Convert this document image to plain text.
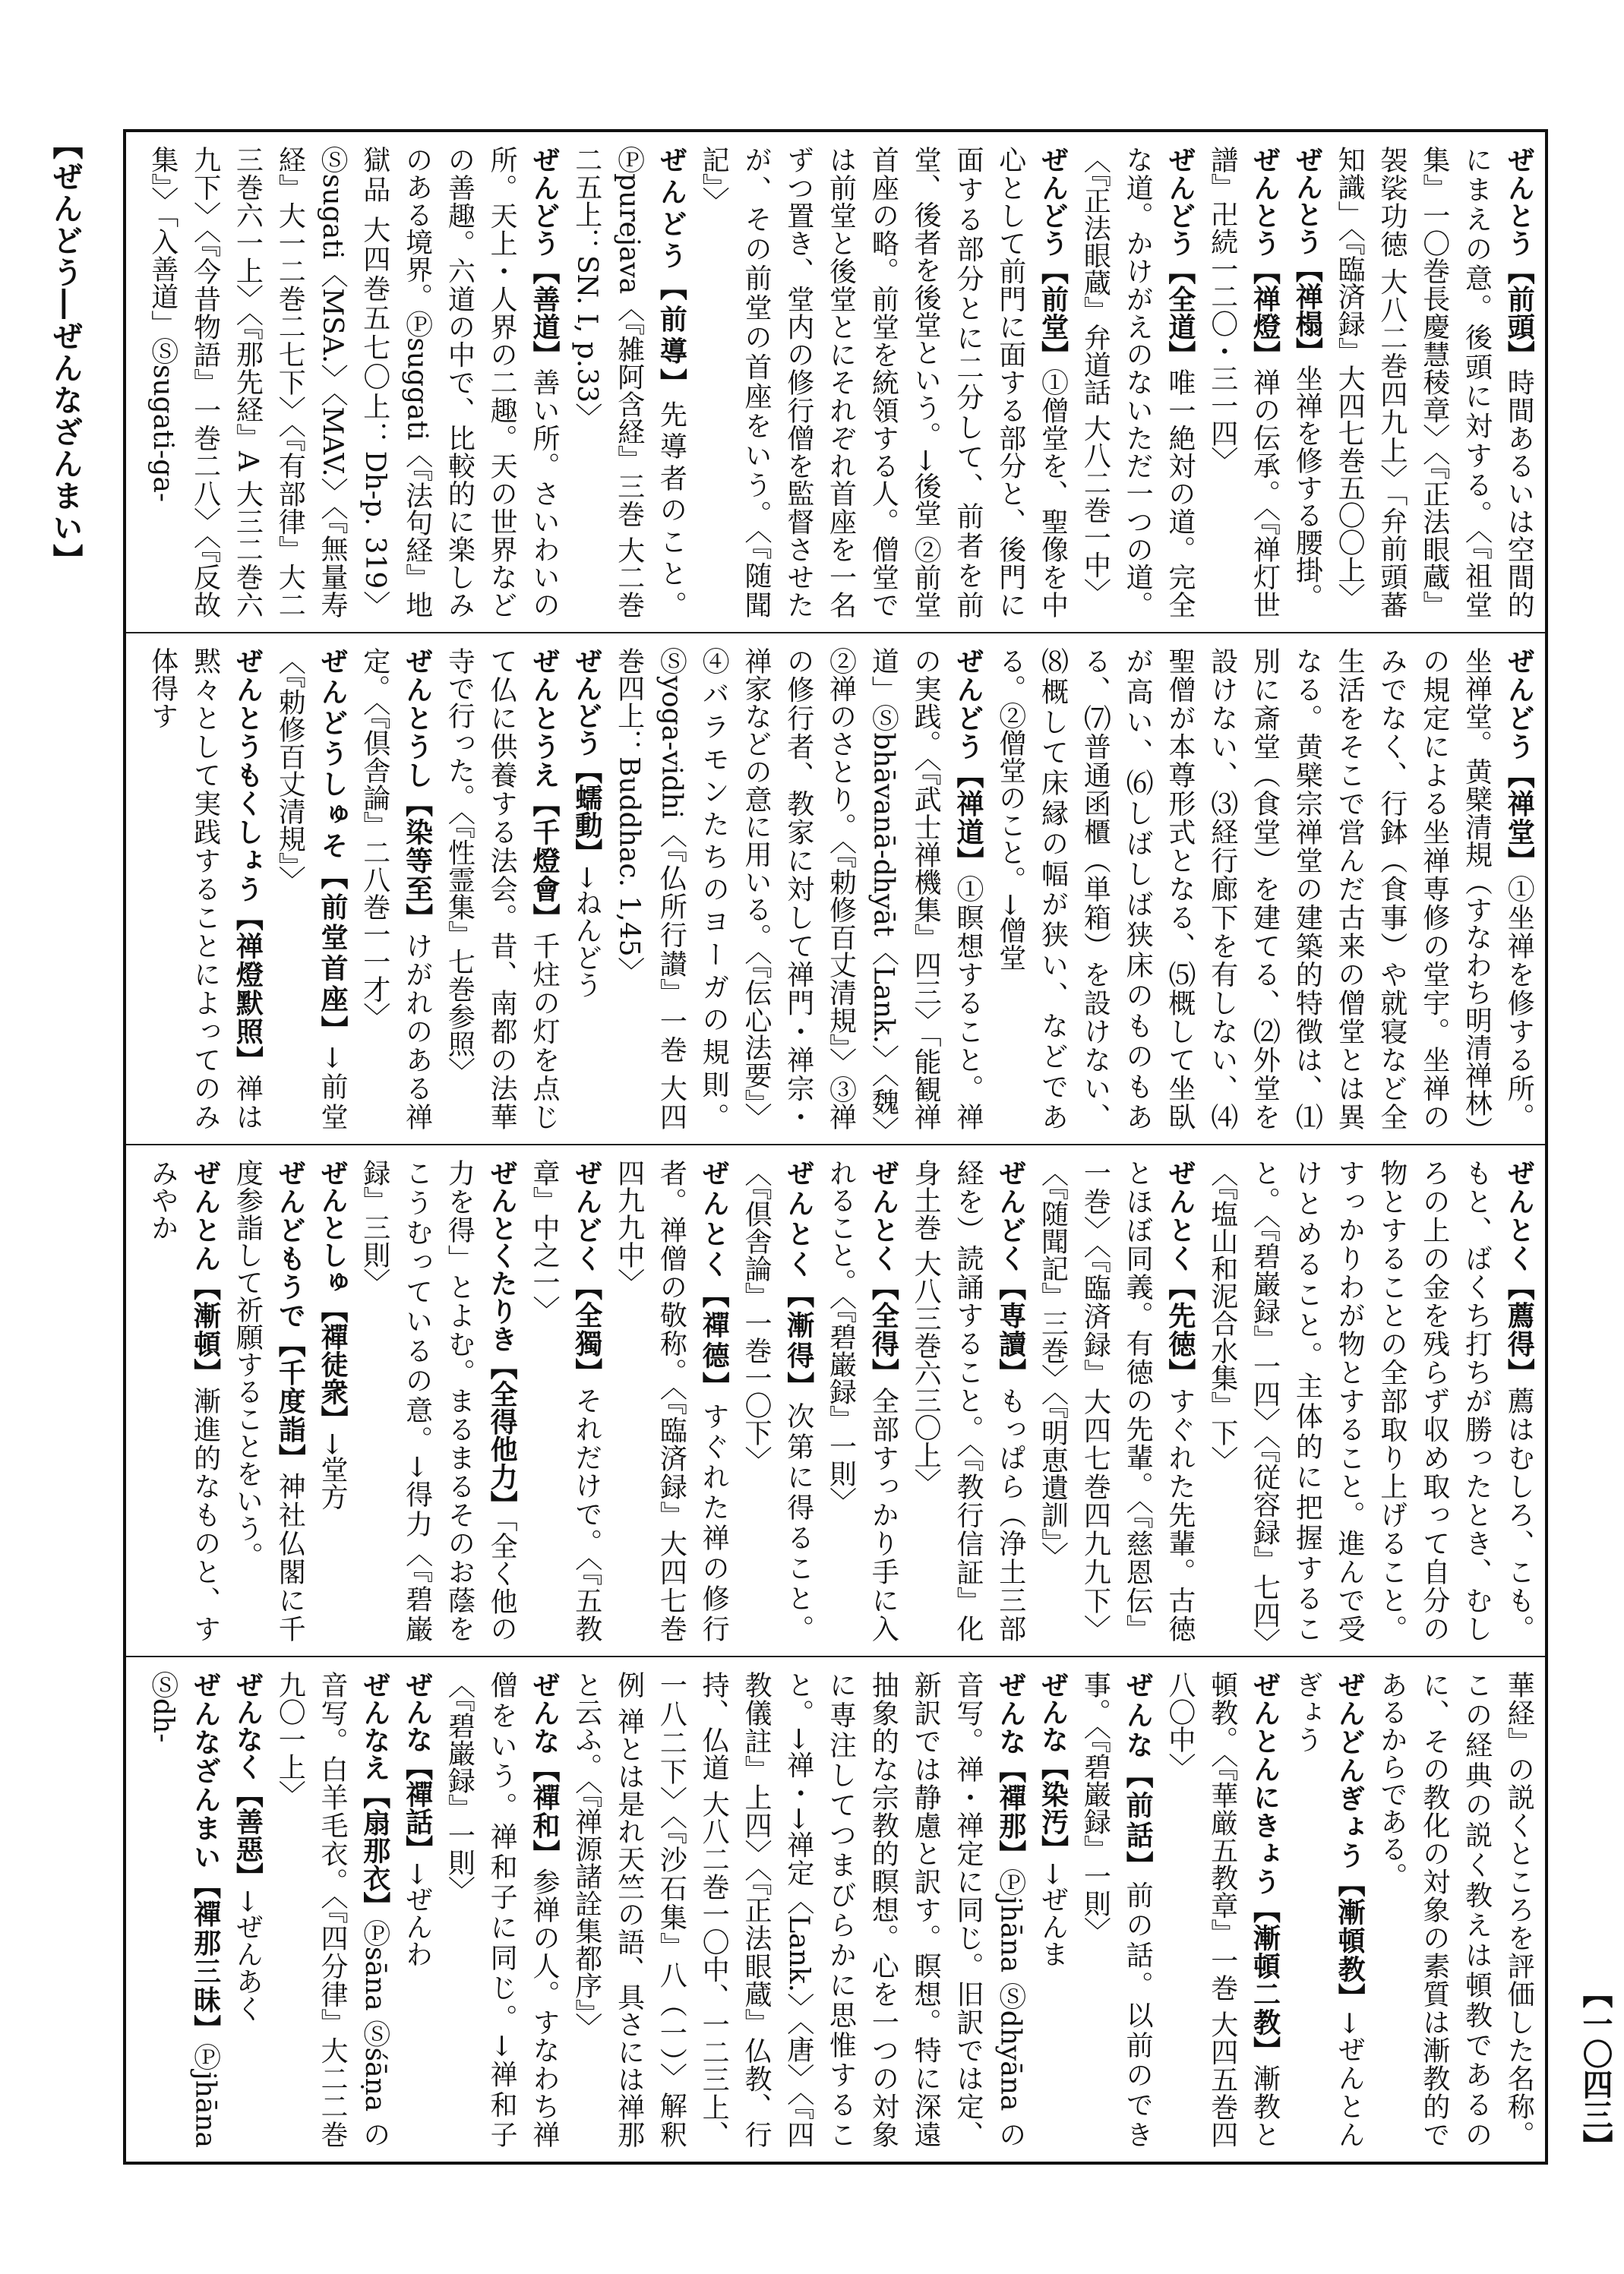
【ぜんどう―ぜんなざんまい】
【一〇四三】
ぜんとう【前頭】時間あるいは空間的にまえの意。後頭に対する。〈『祖堂集』一〇巻長慶慧稜章〉〈『正法眼蔵』袈裟功徳 大八二巻四九上〉「弁前頭蕃知識」〈『臨済録』大四七巻五〇〇上〉
ぜんとう【禅榻】坐禅を修する腰掛。
ぜんとう【禅燈】禅の伝承。〈『禅灯世譜』卍続一二〇・三一四〉
ぜんどう【全道】唯一絶対の道。完全な道。かけがえのないただ一つの道。〈『正法眼蔵』弁道話 大八二巻一中〉
ぜんどう【前堂】①僧堂を、聖像を中心として前門に面する部分と、後門に面する部分とに二分して、前者を前堂、後者を後堂という。→後堂 ②前堂首座の略。前堂を統領する人。僧堂では前堂と後堂とにそれぞれ首座を一名ずつ置き、堂内の修行僧を監督させたが、その前堂の首座をいう。〈『随聞記』〉
ぜんどう【前導】先導者のこと。Ⓟpurejava〈『雑阿含経』三巻 大二巻二五上：SN. I, p.33〉
ぜんどう【善道】善い所。さいわいの所。天上・人界の二趣。天の世界などの善趣。六道の中で、比較的に楽しみのある境界。Ⓟsuggati〈『法句経』地獄品 大四巻五七〇上：Dh-p. 319〉Ⓢsugati〈MSA.〉〈MAV.〉〈『無量寿経』大一二巻二七下〉〈『有部律』大二三巻六一上〉〈『那先経』A 大三二巻六九下〉〈『今昔物語』一巻二八〉〈『反故集』〉「入善道」Ⓢsugati-ga-
ぜんどう【禅堂】①坐禅を修する所。坐禅堂。黄檗清規（すなわち明清禅林）の規定による坐禅専修の堂宇。坐禅のみでなく、行鉢（食事）や就寝など全生活をそこで営んだ古来の僧堂とは異なる。黄檗宗禅堂の建築的特徴は、⑴別に斎堂（食堂）を建てる、⑵外堂を設けない、⑶経行廊下を有しない、⑷聖僧が本尊形式となる、⑸概して坐臥が高い、⑹しばしば狭床のものもある、⑺普通函櫃（単箱）を設けない、⑻概して床縁の幅が狭い、などである。②僧堂のこと。→僧堂
ぜんどう【禅道】①瞑想すること。禅の実践。〈『武士禅機集』四三〉「能観禅道」Ⓢbhāvanā-dhyāt〈Lank.〉〈魏〉②禅のさとり。〈『勅修百丈清規』〉③禅の修行者、教家に対して禅門・禅宗・禅家などの意に用いる。〈『伝心法要』〉④バラモンたちのヨーガの規則。Ⓢyoga-vidhi〈『仏所行讃』一巻 大四巻四上：Buddhac. 1,45〉
ぜんどう【蠕動】→ねんどう
ぜんとうえ【千燈會】千炷の灯を点じて仏に供養する法会。昔、南都の法華寺で行った。〈『性霊集』七巻参照〉
ぜんとうし【染等至】けがれのある禅定。〈『倶舎論』二八巻一一才〉
ぜんどうしゅそ【前堂首座】→前堂〈『勅修百丈清規』〉
ぜんとうもくしょう【禅燈默照】禅は黙々として実践することによってのみ体得す
ぜんとく【薦得】薦はむしろ、こも。もと、ばくち打ちが勝ったとき、むしろの上の金を残らず収め取って自分の物とすることの全部取り上げること。すっかりわが物とすること。進んで受けとめること。主体的に把握すること。〈『碧巌録』一四〉〈『従容録』七四〉〈『塩山和泥合水集』下〉
ぜんとく【先徳】すぐれた先輩。古徳とほぼ同義。有徳の先輩。〈『慈恩伝』一巻〉〈『臨済録』大四七巻四九九下〉〈『随聞記』三巻〉〈『明恵遺訓』〉
ぜんどく【専讀】もっぱら（浄土三部経を）読誦すること。〈『教行信証』化身土巻 大八三巻六三〇上〉
ぜんとく【全得】全部すっかり手に入れること。〈『碧巌録』一則〉
ぜんとく【漸得】次第に得ること。〈『倶舎論』一巻一〇下〉
ぜんとく【禪德】すぐれた禅の修行者。禅僧の敬称。〈『臨済録』大四七巻四九九中〉
ぜんどく【全獨】それだけで。〈『五教章』中之一〉
ぜんとくたりき【全得他力】「全く他の力を得」とよむ。まるまるそのお蔭をこうむっているの意。→得力〈『碧巌録』三則〉
ぜんとしゅ【禪徒衆】→堂方
ぜんどもうで【千度詣】神社仏閣に千度参詣して祈願することをいう。
ぜんとん【漸頓】漸進的なものと、すみやか
華経』の説くところを評価した名称。この経典の説く教えは頓教であるのに、その教化の対象の素質は漸教的であるからである。
ぜんどんぎょう【漸頓教】→ぜんとんぎょう
ぜんとんにきょう【漸頓二教】漸教と頓教。〈『華厳五教章』一巻 大四五巻四八〇中〉
ぜんな【前話】前の話。以前のでき事。〈『碧巌録』一則〉
ぜんな【染汚】→ぜんま
ぜんな【禪那】Ⓟjhāna Ⓢdhyāna の音写。禅・禅定に同じ。旧訳では定、新訳では静慮と訳す。瞑想。特に深遠抽象的な宗教的瞑想。心を一つの対象に専注してつまびらかに思惟すること。→禅・→禅定〈Lank.〉〈唐〉〈『四教儀註』上四〉〈『正法眼蔵』仏教、行持、仏道 大八二巻一〇中、一二三上、一八二下〉〈『沙石集』八（一）〉解釈例 禅とは是れ天竺の語、具さには禅那と云ふ。〈『禅源諸詮集都序』〉
ぜんな【禪和】参禅の人。すなわち禅僧をいう。禅和子に同じ。→禅和子〈『碧巌録』一則〉
ぜんな【禪話】→ぜんわ
ぜんなえ【扇那衣】Ⓟsāna Ⓢśāṇa の音写。白羊毛衣。〈『四分律』大二二巻九〇一上〉
ぜんなく【善惡】→ぜんあく
ぜんなざんまい【禪那三昧】Ⓟjhāna Ⓢdh-
